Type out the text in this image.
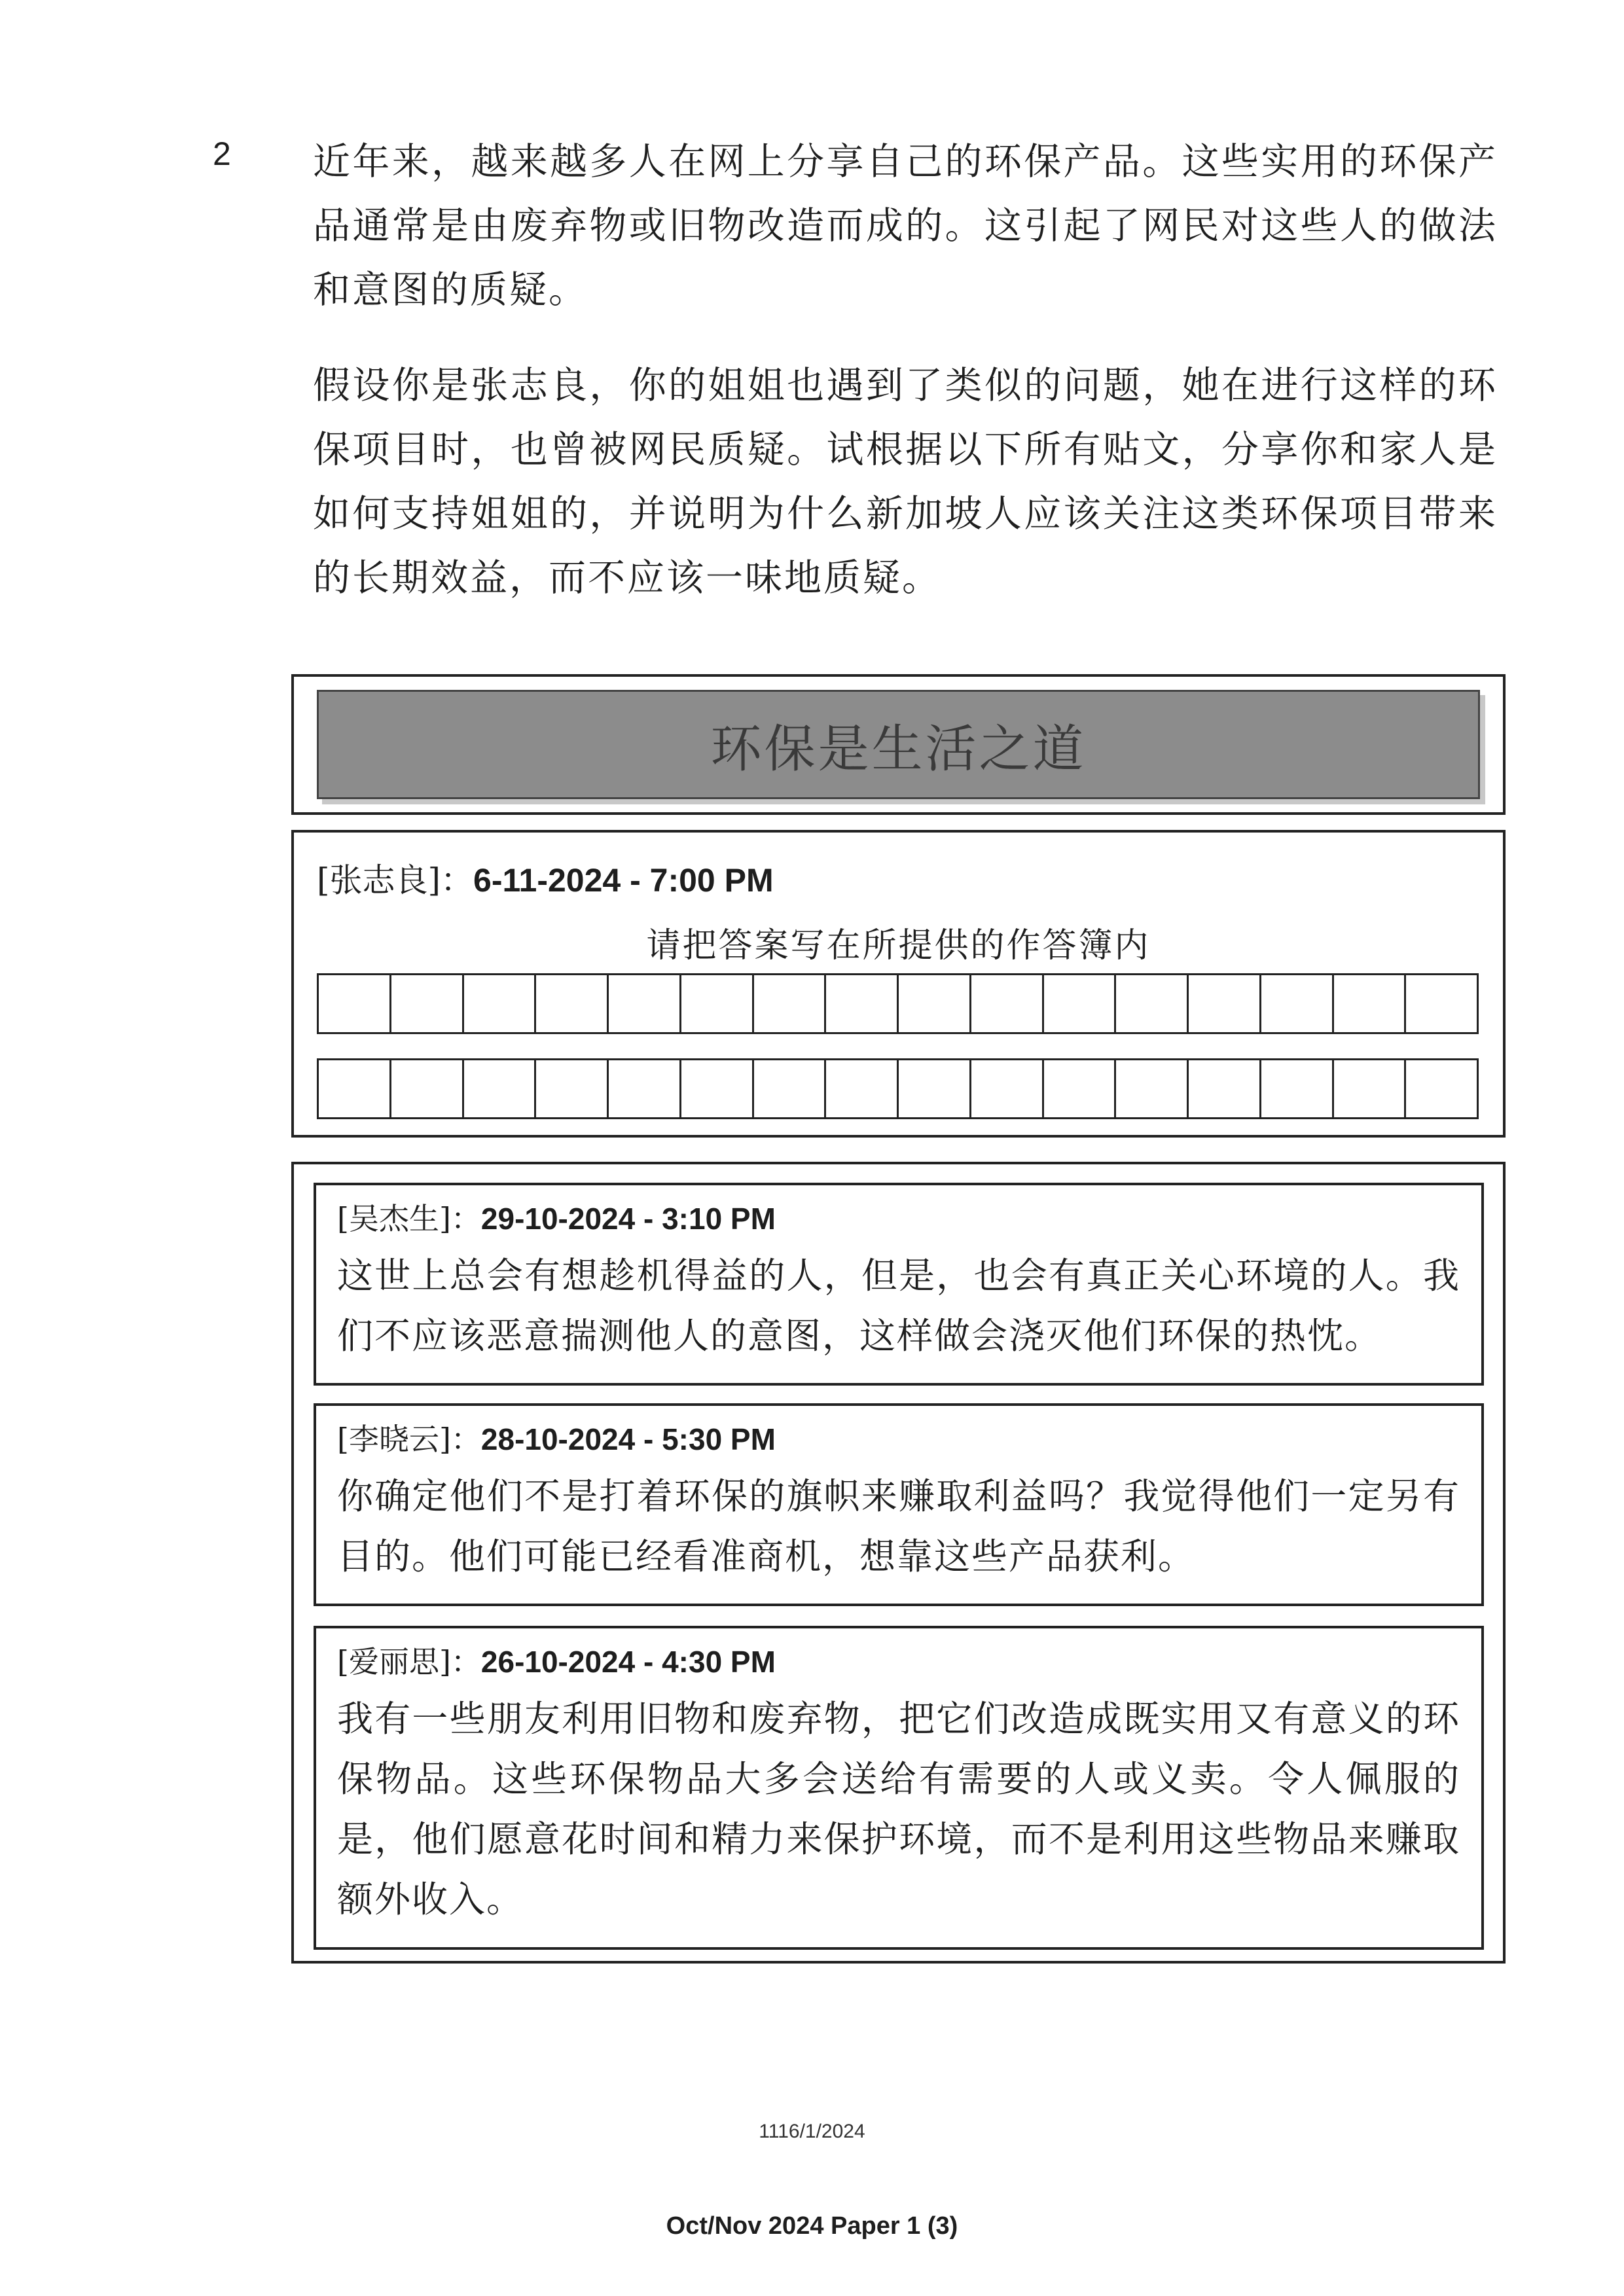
2 近年来，越来越多人在网上分享自己的环保产品。这些实用的环保产品通常是由废弃物或旧物改造而成的。这引起了网民对这些人的做法和意图的质疑。

假设你是张志良，你的姐姐也遇到了类似的问题，她在进行这样的环保项目时，也曾被网民质疑。试根据以下所有贴文，分享你和家人是如何支持姐姐的，并说明为什么新加坡人应该关注这类环保项目带来的长期效益，而不应该一味地质疑。

环保是生活之道
[张志良]：6-11-2024 - 7:00 PM
请把答案写在所提供的作答簿内
[吴杰生]：29-10-2024 - 3:10 PM

这世上总会有想趁机得益的人，但是，也会有真正关心环境的人。我们不应该恶意揣测他人的意图，这样做会浇灭他们环保的热忱。

[李晓云]：28-10-2024 - 5:30 PM

你确定他们不是打着环保的旗帜来赚取利益吗？我觉得他们一定另有目的。他们可能已经看准商机，想靠这些产品获利。

[爱丽思]：26-10-2024 - 4:30 PM

我有一些朋友利用旧物和废弃物，把它们改造成既实用又有意义的环保物品。这些环保物品大多会送给有需要的人或义卖。令人佩服的是，他们愿意花时间和精力来保护环境，而不是利用这些物品来赚取额外收入。

1116/1/2024
Oct/Nov 2024 Paper 1 (3)
